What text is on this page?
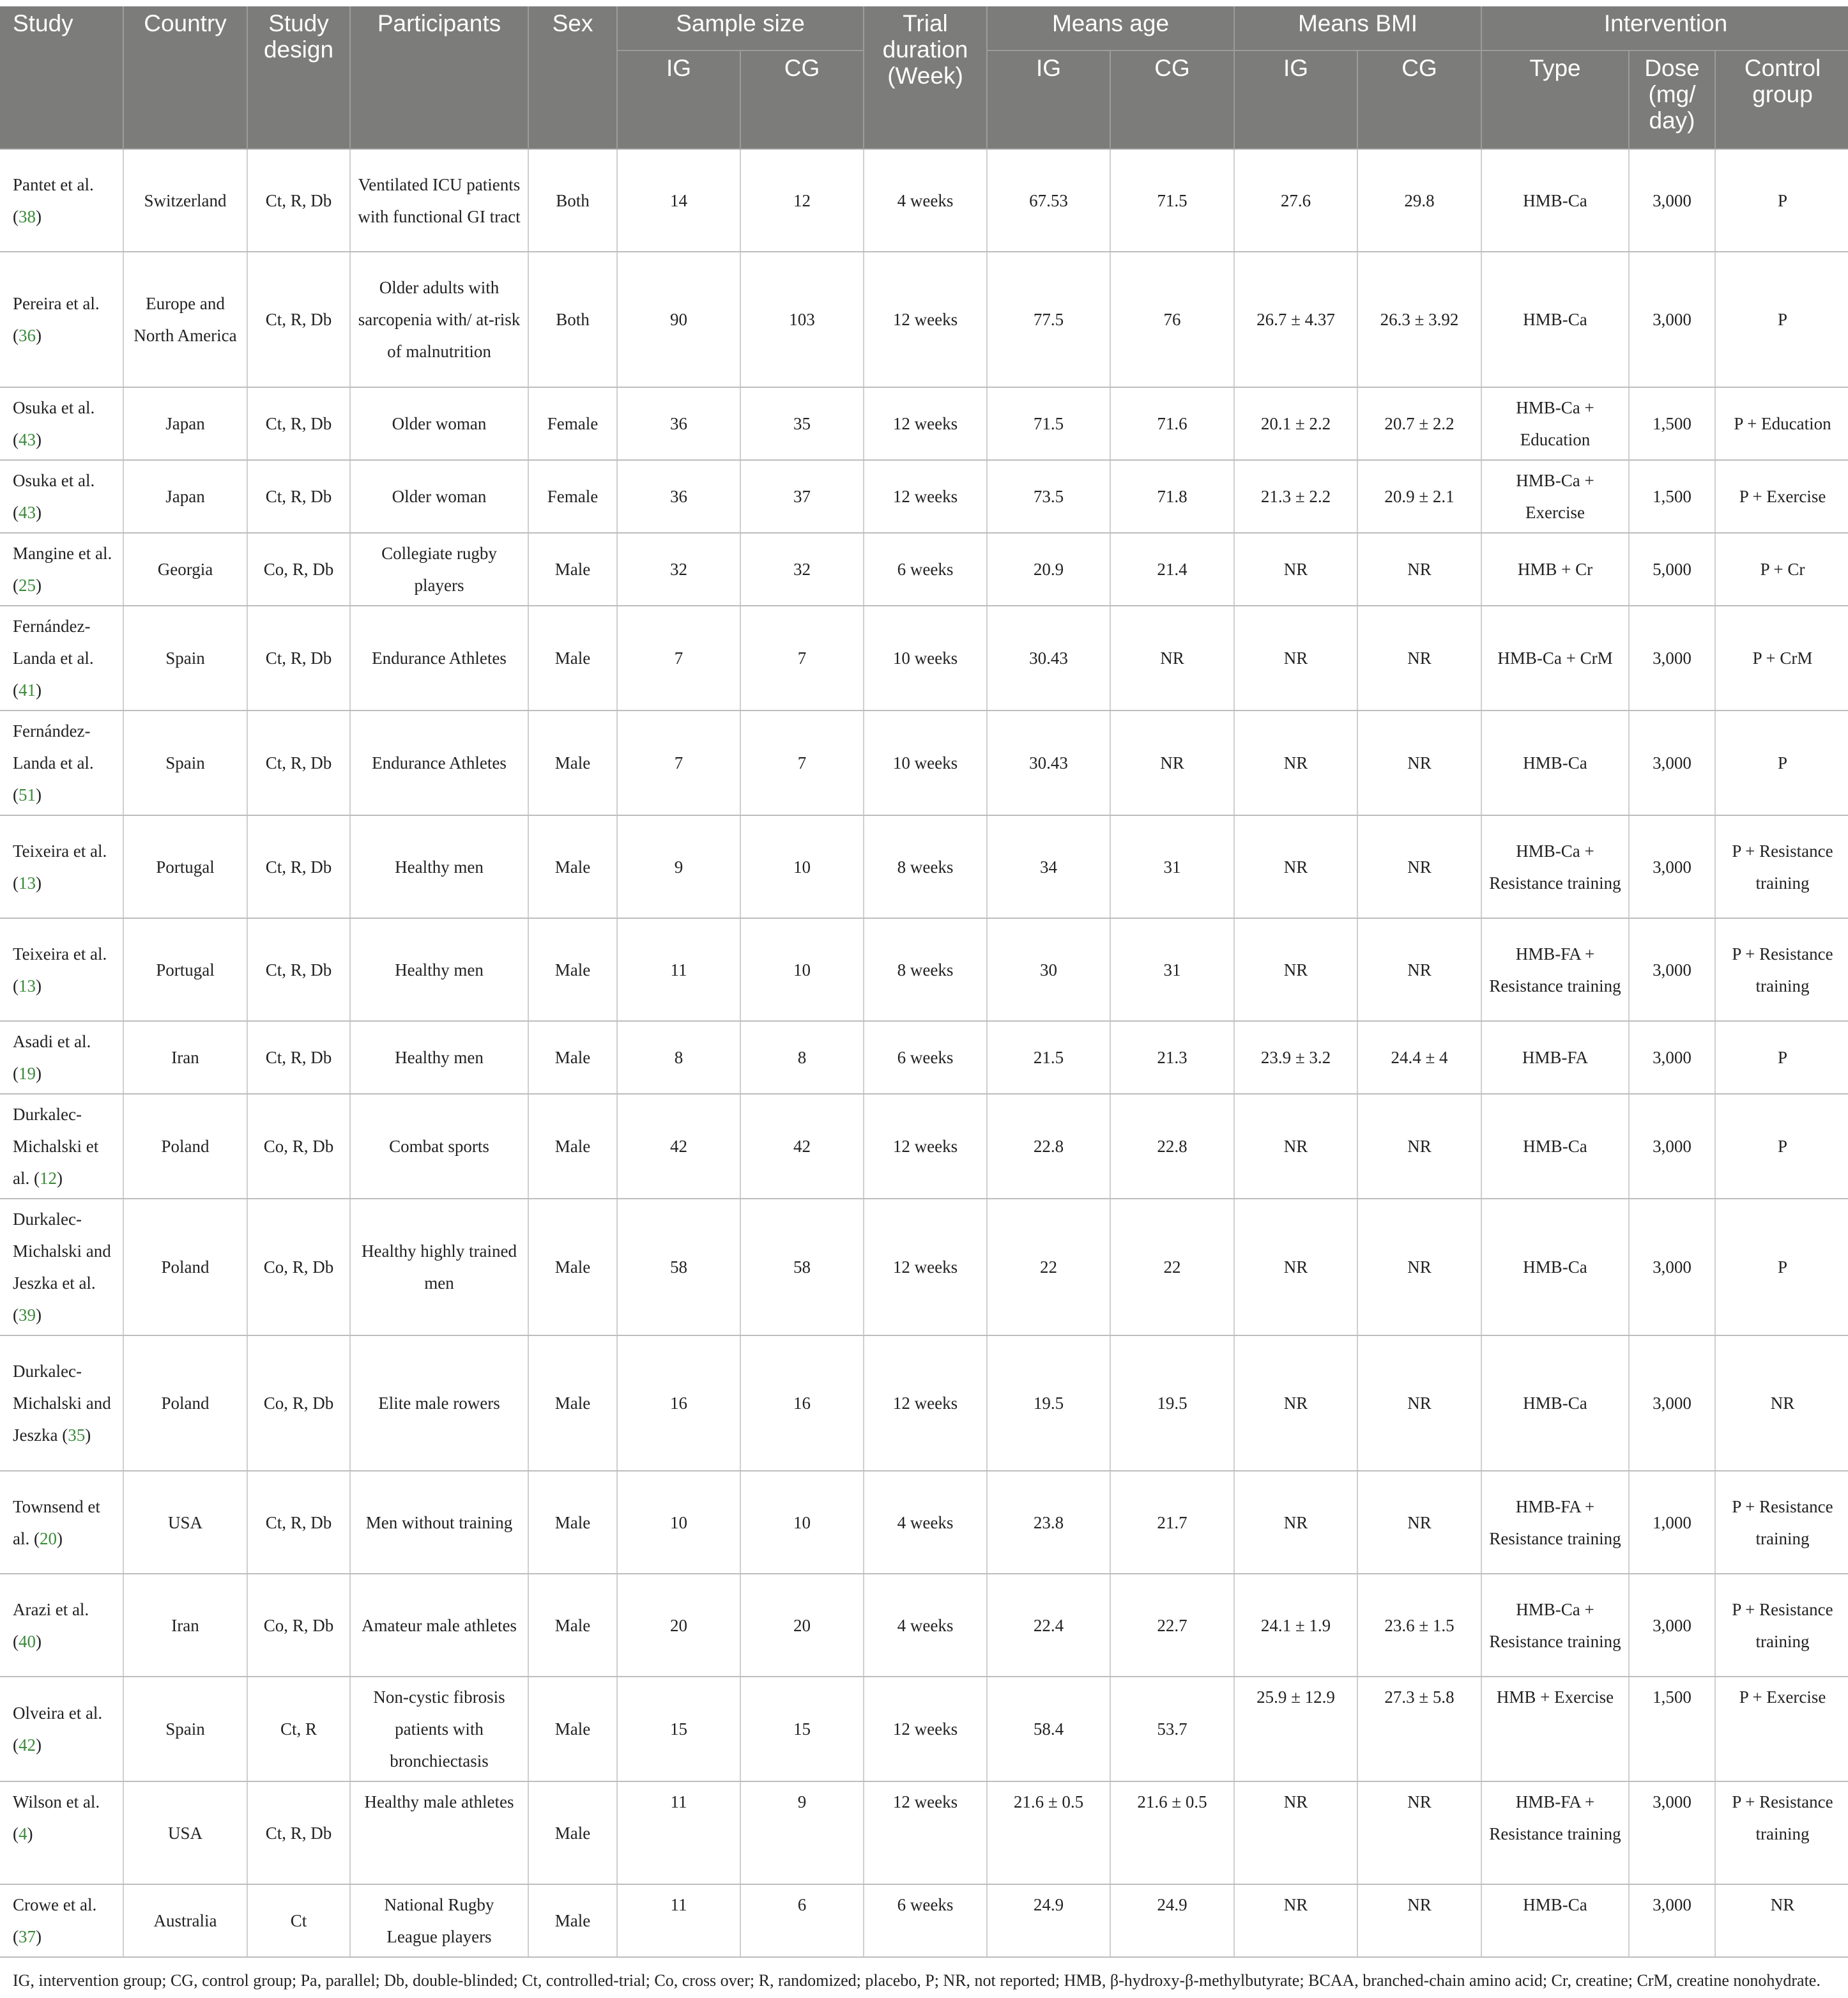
Study	Country	Study design	Participants	Sex	Sample size		Trial duration (Week)	Means age		Means BMI		Intervention		
					IG	CG		IG	CG	IG	CG	Type	Dose (mg/ day)	Control group
Pantet et al. (38)	Switzerland	Ct, R, Db	Ventilated ICU patients with functional GI tract	Both	14	12	4 weeks	67.53	71.5	27.6	29.8	HMB-Ca	3,000	P
Pereira et al. (36)	Europe and North America	Ct, R, Db	Older adults with sarcopenia with/ at-risk of malnutrition	Both	90	103	12 weeks	77.5	76	26.7 ± 4.37	26.3 ± 3.92	HMB-Ca	3,000	P
Osuka et al. (43)	Japan	Ct, R, Db	Older woman	Female	36	35	12 weeks	71.5	71.6	20.1 ± 2.2	20.7 ± 2.2	HMB-Ca + Education	1,500	P + Education
Osuka et al. (43)	Japan	Ct, R, Db	Older woman	Female	36	37	12 weeks	73.5	71.8	21.3 ± 2.2	20.9 ± 2.1	HMB-Ca + Exercise	1,500	P + Exercise
Mangine et al. (25)	Georgia	Co, R, Db	Collegiate rugby players	Male	32	32	6 weeks	20.9	21.4	NR	NR	HMB + Cr	5,000	P + Cr
Fernández-Landa et al. (41)	Spain	Ct, R, Db	Endurance Athletes	Male	7	7	10 weeks	30.43	NR	NR	NR	HMB-Ca + CrM	3,000	P + CrM
Fernández-Landa et al. (51)	Spain	Ct, R, Db	Endurance Athletes	Male	7	7	10 weeks	30.43	NR	NR	NR	HMB-Ca	3,000	P
Teixeira et al. (13)	Portugal	Ct, R, Db	Healthy men	Male	9	10	8 weeks	34	31	NR	NR	HMB-Ca + Resistance training	3,000	P + Resistance training
Teixeira et al. (13)	Portugal	Ct, R, Db	Healthy men	Male	11	10	8 weeks	30	31	NR	NR	HMB-FA + Resistance training	3,000	P + Resistance training
Asadi et al. (19)	Iran	Ct, R, Db	Healthy men	Male	8	8	6 weeks	21.5	21.3	23.9 ± 3.2	24.4 ± 4	HMB-FA	3,000	P
Durkalec-Michalski et al. (12)	Poland	Co, R, Db	Combat sports	Male	42	42	12 weeks	22.8	22.8	NR	NR	HMB-Ca	3,000	P
Durkalec-Michalski and Jeszka et al. (39)	Poland	Co, R, Db	Healthy highly trained men	Male	58	58	12 weeks	22	22	NR	NR	HMB-Ca	3,000	P
Durkalec-Michalski and Jeszka (35)	Poland	Co, R, Db	Elite male rowers	Male	16	16	12 weeks	19.5	19.5	NR	NR	HMB-Ca	3,000	NR
Townsend et al. (20)	USA	Ct, R, Db	Men without training	Male	10	10	4 weeks	23.8	21.7	NR	NR	HMB-FA + Resistance training	1,000	P + Resistance training
Arazi et al. (40)	Iran	Co, R, Db	Amateur male athletes	Male	20	20	4 weeks	22.4	22.7	24.1 ± 1.9	23.6 ± 1.5	HMB-Ca + Resistance training	3,000	P + Resistance training
Olveira et al. (42)	Spain	Ct, R	Non-cystic fibrosis patients with bronchiectasis	Male	15	15	12 weeks	58.4	53.7	25.9 ± 12.9	27.3 ± 5.8	HMB + Exercise	1,500	P + Exercise
Wilson et al. (4)	USA	Ct, R, Db	Healthy male athletes	Male	11	9	12 weeks	21.6 ± 0.5	21.6 ± 0.5	NR	NR	HMB-FA + Resistance training	3,000	P + Resistance training
Crowe et al. (37)	Australia	Ct	National Rugby League players	Male	11	6	6 weeks	24.9	24.9	NR	NR	HMB-Ca	3,000	NR
IG, intervention group; CG, control group; Pa, parallel; Db, double-blinded; Ct, controlled-trial; Co, cross over; R, randomized; placebo, P; NR, not reported; HMB, β-hydroxy-β-methylbutyrate; BCAA, branched-chain amino acid; Cr, creatine; CrM, creatine nonohydrate.
